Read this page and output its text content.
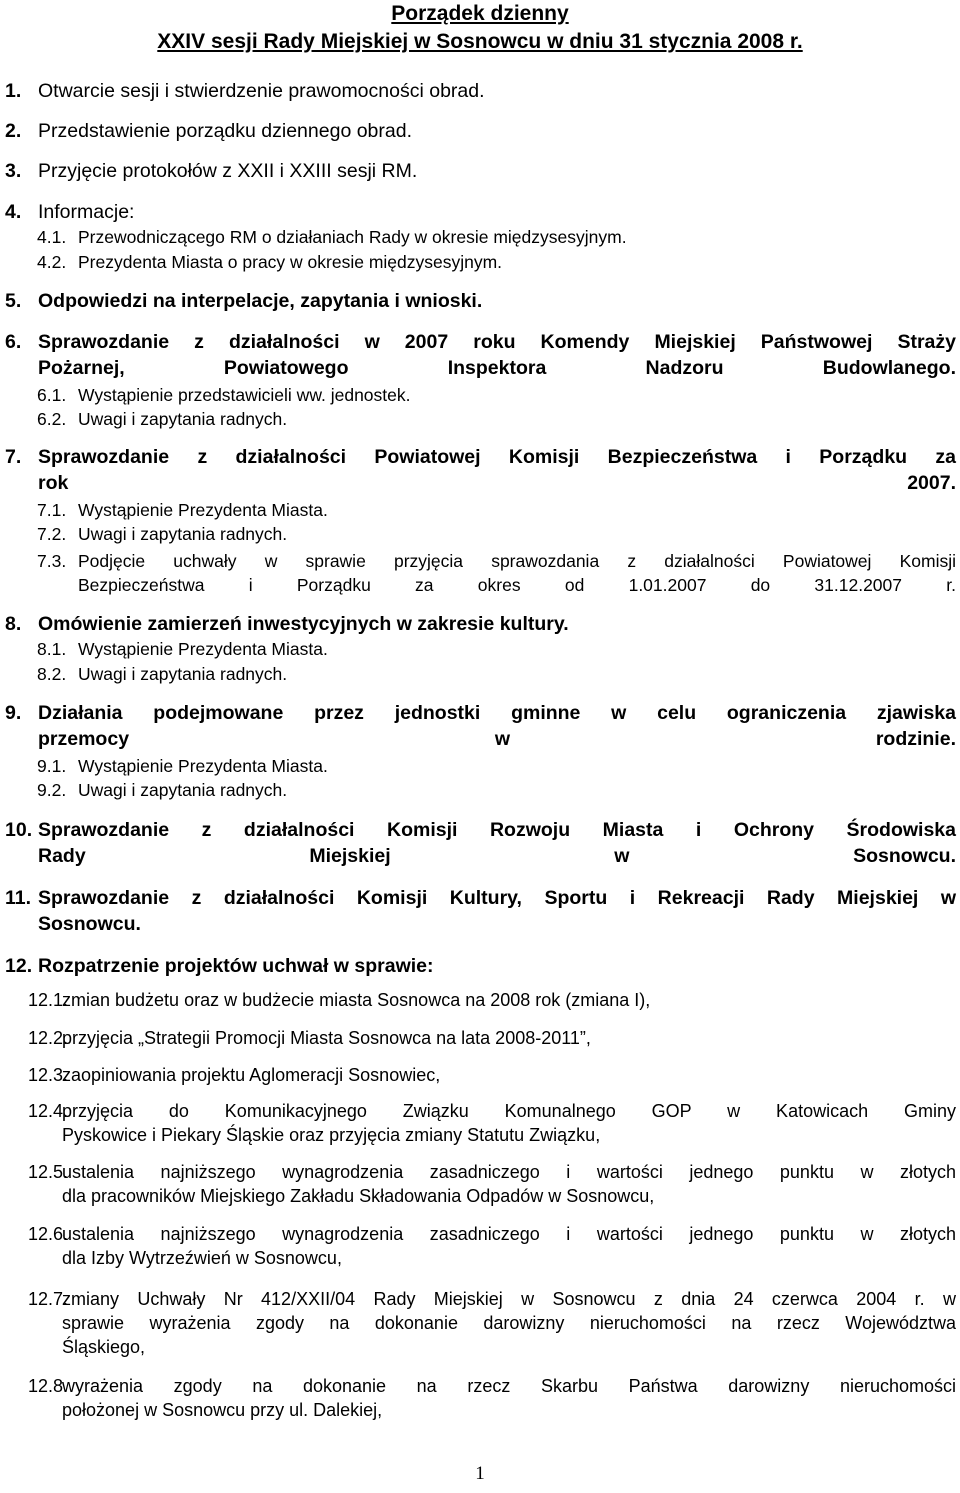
Porządek dzienny
XXIV sesji Rady Miejskiej w Sosnowcu w dniu 31 stycznia 2008 r.
1. Otwarcie sesji i stwierdzenie prawomocności obrad.
2. Przedstawienie porządku dziennego obrad.
3. Przyjęcie protokołów z XXII i XXIII sesji RM.
4. Informacje:
4.1. Przewodniczącego RM o działaniach Rady w okresie międzysesyjnym.
4.2. Prezydenta Miasta o pracy w okresie międzysesyjnym.
5. Odpowiedzi na interpelacje, zapytania i wnioski.
6. Sprawozdanie z działalności w 2007 roku Komendy Miejskiej Państwowej Straży
Pożarnej, Powiatowego Inspektora Nadzoru Budowlanego.
6.1. Wystąpienie przedstawicieli ww. jednostek.
6.2. Uwagi i zapytania radnych.
7. Sprawozdanie z działalności Powiatowej Komisji Bezpieczeństwa i Porządku za
rok 2007.
7.1. Wystąpienie Prezydenta Miasta.
7.2. Uwagi i zapytania radnych.
7.3. Podjęcie uchwały w sprawie przyjęcia sprawozdania z działalności Powiatowej Komisji
Bezpieczeństwa i Porządku za okres od 1.01.2007 do 31.12.2007 r.
8. Omówienie zamierzeń inwestycyjnych w zakresie kultury.
8.1. Wystąpienie Prezydenta Miasta.
8.2. Uwagi i zapytania radnych.
9. Działania podejmowane przez jednostki gminne w celu ograniczenia zjawiska
przemocy w rodzinie.
9.1. Wystąpienie Prezydenta Miasta.
9.2. Uwagi i zapytania radnych.
10. Sprawozdanie z działalności Komisji Rozwoju Miasta i Ochrony Środowiska
Rady Miejskiej w Sosnowcu.
11. Sprawozdanie z działalności Komisji Kultury, Sportu i Rekreacji Rady Miejskiej w
Sosnowcu.
12. Rozpatrzenie projektów uchwał w sprawie:
12.1.
zmian budżetu oraz w budżecie miasta Sosnowca na 2008 rok (zmiana I),
12.2.
przyjęcia „Strategii Promocji Miasta Sosnowca na lata 2008-2011”,
12.3.
zaopiniowania projektu Aglomeracji Sosnowiec,
12.4.
przyjęcia do Komunikacyjnego Związku Komunalnego GOP w Katowicach Gminy
Pyskowice i Piekary Śląskie oraz przyjęcia zmiany Statutu Związku,
12.5.
ustalenia najniższego wynagrodzenia zasadniczego i wartości jednego punktu w złotych
dla pracowników Miejskiego Zakładu Składowania Odpadów w Sosnowcu,
12.6.
ustalenia najniższego wynagrodzenia zasadniczego i wartości jednego punktu w złotych
dla Izby Wytrzeźwień w Sosnowcu,
12.7.
zmiany Uchwały Nr 412/XXII/04 Rady Miejskiej w Sosnowcu z dnia 24 czerwca 2004 r. w
sprawie wyrażenia zgody na dokonanie darowizny nieruchomości na rzecz Województwa
Śląskiego,
12.8.
wyrażenia zgody na dokonanie na rzecz Skarbu Państwa darowizny nieruchomości
położonej w Sosnowcu przy ul. Dalekiej,
1
